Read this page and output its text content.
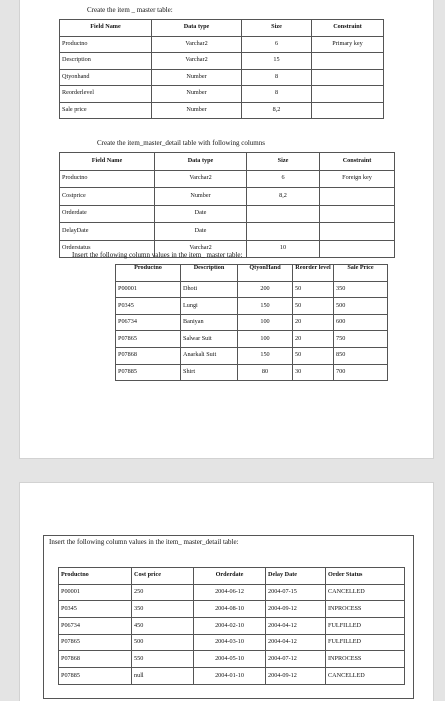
Create the item _ master table:
Field Name	Data type	Size	Constraint
Productno	Varchar2	6	Primary key
Description	Varchar2	15	
Qtyonhand	Number	8	
Reorderlevel	Number	8	
Sale price	Number	8,2	
Create the item_master_detail table with following columns
Field Name	Data type	Size	Constraint
Productno	Varchar2	6	Foreign key
Costprice	Number	8,2	
Orderdate	Date		
DelayDate	Date		
Orderstatus	Varchar2	10	
Insert the following column values in the item_ master table:
Productno	Description	QtyonHand	Reorder level	Sale Price
P00001	Dhoti	200	50	350
P0345	Lungi	150	50	500
P06734	Baniyan	100	20	600
P07865	Salwar Suit	100	20	750
P07868	Anarkali Suit	150	50	850
P07885	Shirt	80	30	700
Insert the following column values in the item_ master_detail table:
Productno	Cost price	Orderdate	Delay Date	Order Status
P00001	250	2004-06-12	2004-07-15	CANCELLED
P0345	350	2004-08-10	2004-09-12	INPROCESS
P06734	450	2004-02-10	2004-04-12	FULFILLED
P07865	500	2004-03-10	2004-04-12	FULFILLED
P07868	550	2004-05-10	2004-07-12	INPROCESS
P07885	null	2004-01-10	2004-09-12	CANCELLED
